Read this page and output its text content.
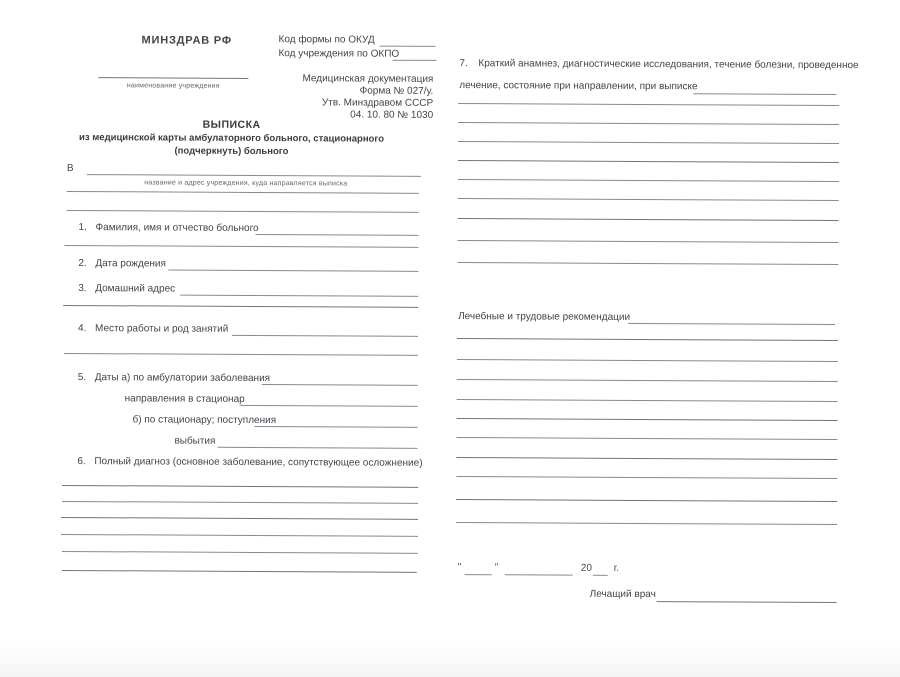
МИНЗДРАВ РФ	Код формы по ОКУД
Код учреждения по ОКПО
наименование учреждения
Медицинская документация
Форма № 027/у.
Утв. Минздравом СССР
04. 10. 80 № 1030
ВЫПИСКА
из медицинской карты амбулаторного больного, стационарного
(подчеркнуть) больного
В
название и адрес учреждения, куда направляется выписка
1. Фамилия, имя и отчество больного
2. Дата рождения
3. Домашний адрес
4. Место работы и род занятий
5. Даты а) по амбулатории заболевания
направления в стационар
б) по стационару; поступления
выбытия
6. Полный диагноз (основное заболевание, сопутствующее осложнение)
7. Краткий анамнез, диагностические исследования, течение болезни, проведенное
лечение, состояние при направлении, при выписке
Лечебные и трудовые рекомендации
"	"	20 г.
Лечащий врач
